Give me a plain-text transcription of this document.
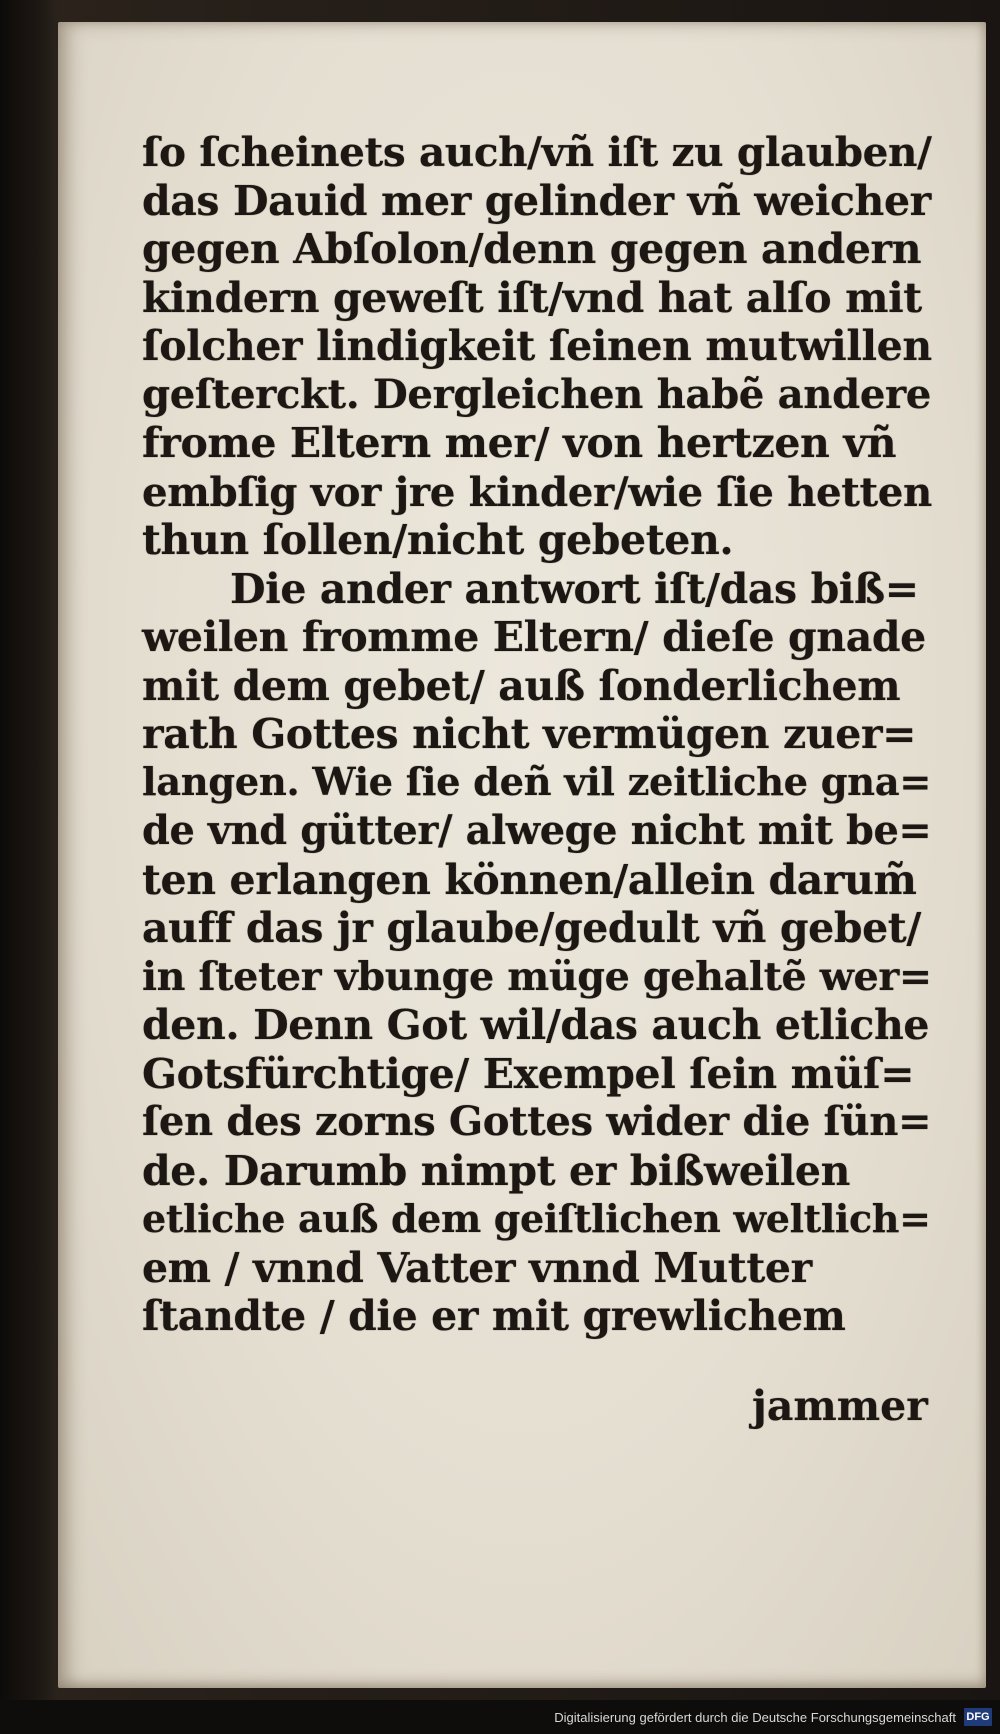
ſo ſcheinets auch/vñ iſt zu glauben/
das Dauid mer gelinder vñ weicher
gegen Abſolon/denn gegen andern
kindern geweſt iſt/vnd hat alſo mit
ſolcher lindigkeit ſeinen mutwillen
geſterckt. Dergleichen habẽ andere
frome Eltern mer/ von hertzen vñ
embſig vor jre kinder/wie ſie hetten
thun ſollen/nicht gebeten.
Die ander antwort iſt/das biß=
weilen fromme Eltern/ dieſe gnade
mit dem gebet/ auß ſonderlichem
rath Gottes nicht vermügen zuer=
langen. Wie ſie deñ vil zeitliche gna=
de vnd gütter/ alwege nicht mit be=
ten erlangen können/allein darum̃
auff das jr glaube/gedult vñ gebet/
in ſteter vbunge müge gehaltẽ wer=
den. Denn Got wil/das auch etliche
Gotsfürchtige/ Exempel ſein müſ=
ſen des zorns Gottes wider die ſün=
de. Darumb nimpt er bißweilen
etliche auß dem geiſtlichen weltlich=
em / vnnd Vatter vnnd Mutter
ſtandte / die er mit grewlichem
jammer
Digitalisierung gefördert durch die Deutsche Forschungsgemeinschaft DFG
